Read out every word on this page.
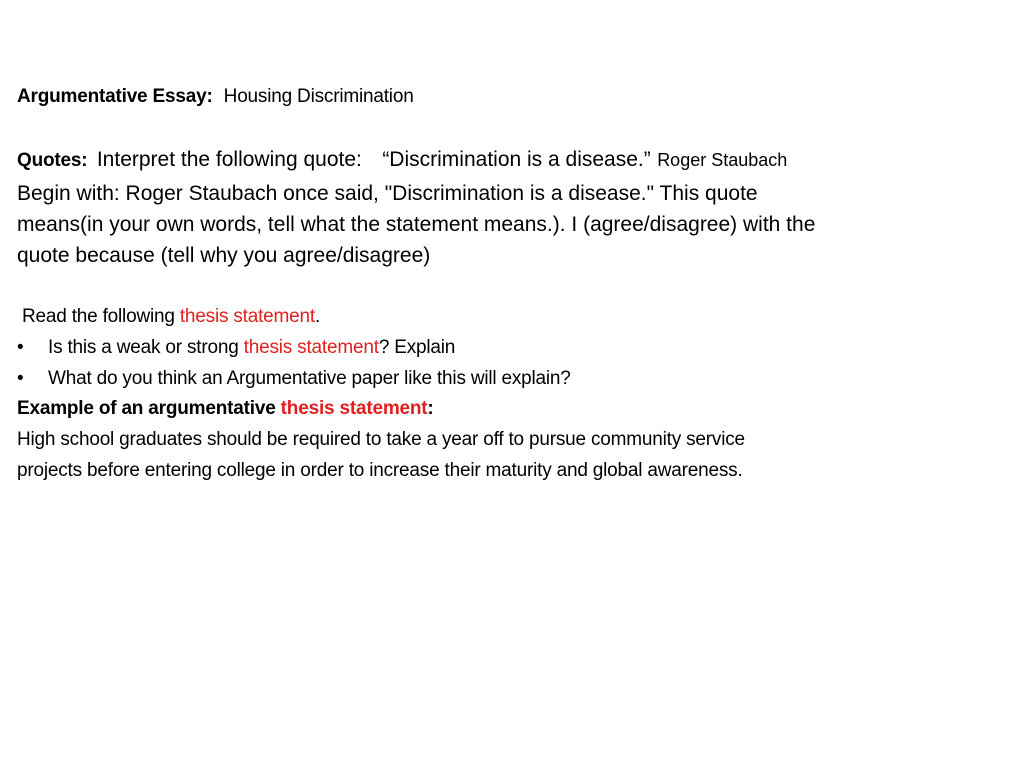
Argumentative Essay: Housing Discrimination
Quotes: Interpret the following quote: “Discrimination is a disease.” Roger Staubach
Begin with: Roger Staubach once said, "Discrimination is a disease." This quote
means(in your own words, tell what the statement means.). I (agree/disagree) with the
quote because (tell why you agree/disagree)
Read the following thesis statement.
• Is this a weak or strong thesis statement? Explain
• What do you think an Argumentative paper like this will explain?
Example of an argumentative thesis statement:
High school graduates should be required to take a year off to pursue community service
projects before entering college in order to increase their maturity and global awareness.
